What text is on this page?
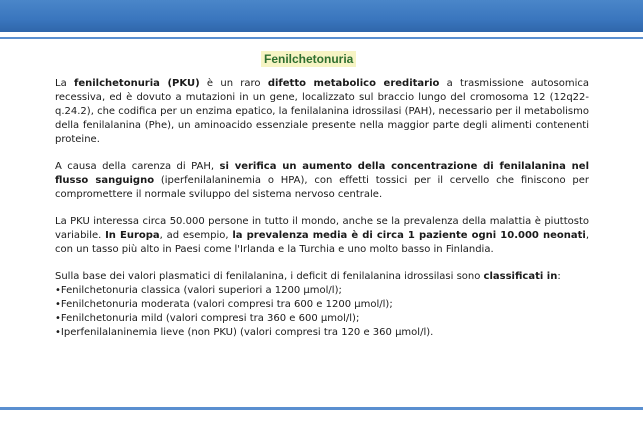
Fenilchetonuria

La fenilchetonuria (PKU) è un raro difetto metabolico ereditario a trasmissione autosomica recessiva, ed è dovuto a mutazioni in un gene, localizzato sul braccio lungo del cromosoma 12 (12q22-q.24.2), che codifica per un enzima epatico, la fenilalanina idrossilasi (PAH), necessario per il metabolismo della fenilalanina (Phe), un aminoacido essenziale presente nella maggior parte degli alimenti contenenti proteine.

A causa della carenza di PAH, si verifica un aumento della concentrazione di fenilalanina nel flusso sanguigno (iperfenilalaninemia o HPA), con effetti tossici per il cervello che finiscono per compromettere il normale sviluppo del sistema nervoso centrale.

La PKU interessa circa 50.000 persone in tutto il mondo, anche se la prevalenza della malattia è piuttosto variabile. In Europa, ad esempio, la prevalenza media è di circa 1 paziente ogni 10.000 neonati, con un tasso più alto in Paesi come l'Irlanda e la Turchia e uno molto basso in Finlandia.

Sulla base dei valori plasmatici di fenilalanina, i deficit di fenilalanina idrossilasi sono classificati in:
•Fenilchetonuria classica (valori superiori a 1200 µmol/l);
•Fenilchetonuria moderata (valori compresi tra 600 e 1200 µmol/l);
•Fenilchetonuria mild (valori compresi tra 360 e 600 µmol/l);
•Iperfenilalaninemia lieve (non PKU) (valori compresi tra 120 e 360 µmol/l).
